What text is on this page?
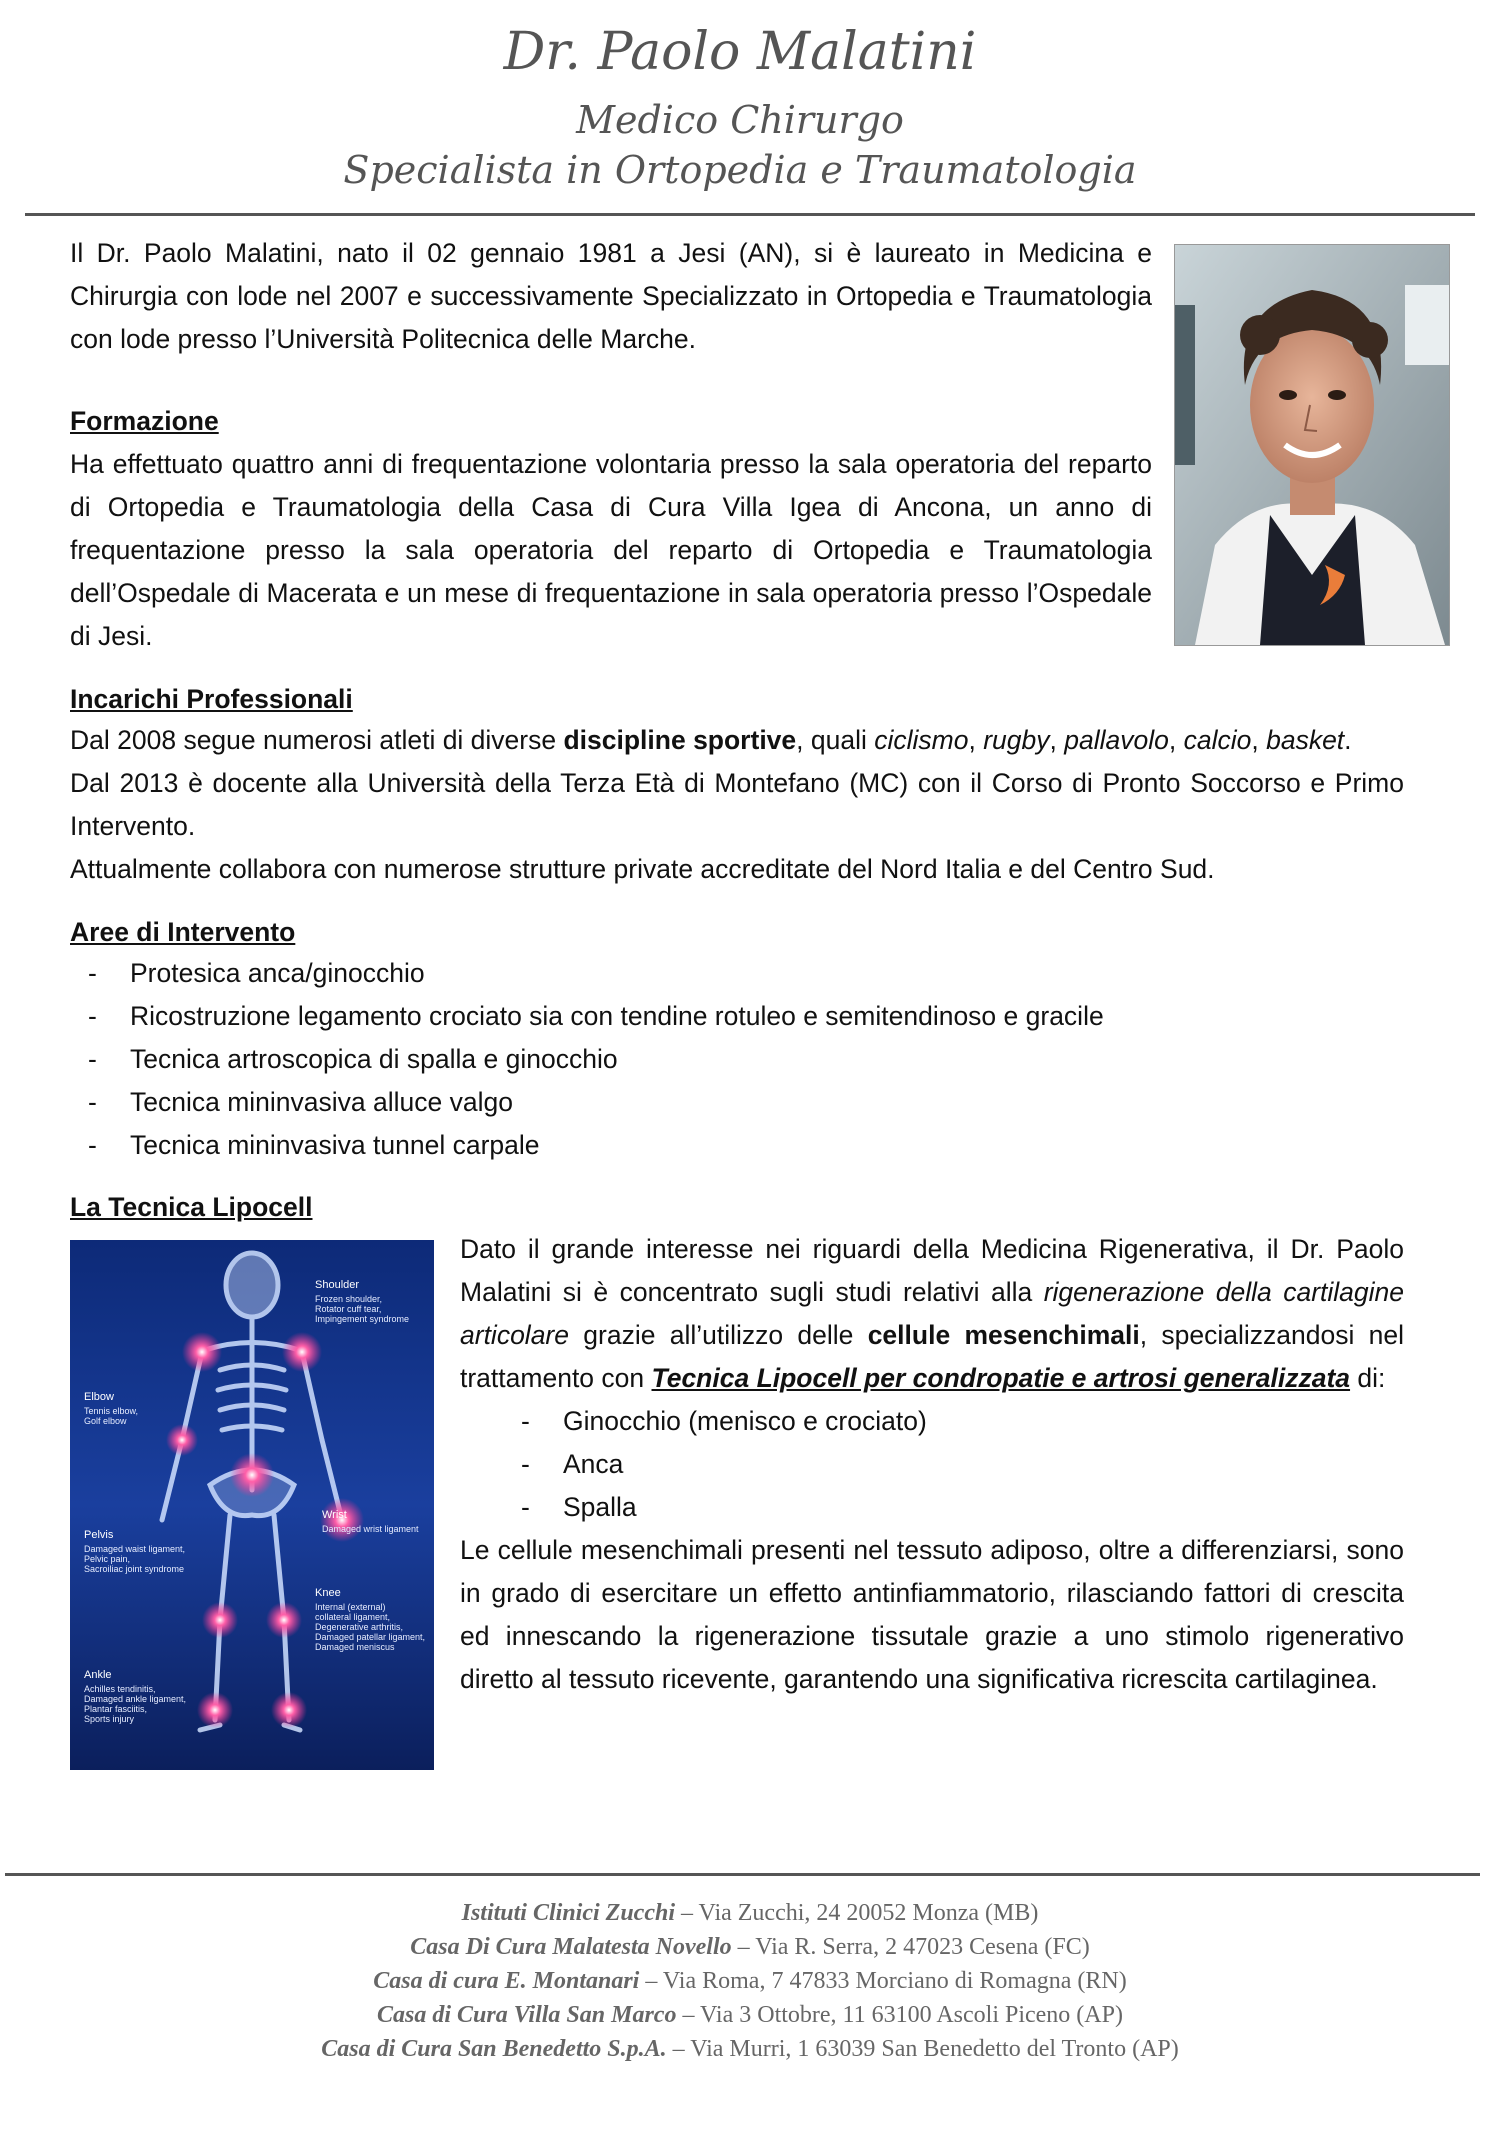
Dr. Paolo Malatini
Medico Chirurgo
Specialista in Ortopedia e Traumatologia

Il Dr. Paolo Malatini, nato il 02 gennaio 1981 a Jesi (AN), si è laureato in Medicina e Chirurgia con lode nel 2007 e successivamente Specializzato in Ortopedia e Traumatologia con lode presso l’Università Politecnica delle Marche.

Formazione

Ha effettuato quattro anni di frequentazione volontaria presso la sala operatoria del reparto di Ortopedia e Traumatologia della Casa di Cura Villa Igea di Ancona, un anno di frequentazione presso la sala operatoria del reparto di Ortopedia e Traumatologia dell’Ospedale di Macerata e un mese di frequentazione in sala operatoria presso l’Ospedale di Jesi.

Incarichi Professionali

Dal 2008 segue numerosi atleti di diverse discipline sportive, quali ciclismo, rugby, pallavolo, calcio, basket.

Dal 2013 è docente alla Università della Terza Età di Montefano (MC) con il Corso di Pronto Soccorso e Primo Intervento.

Attualmente collabora con numerose strutture private accreditate del Nord Italia e del Centro Sud.

Aree di Intervento
- Protesica anca/ginocchio
- Ricostruzione legamento crociato sia con tendine rotuleo e semitendinoso e gracile
- Tecnica artroscopica di spalla e ginocchio
- Tecnica mininvasiva alluce valgo
- Tecnica mininvasiva tunnel carpale
La Tecnica Lipocell
Shoulder
Frozen shoulder,
Rotator cuff tear,
Impingement syndrome
Elbow
Tennis elbow,
Golf elbow
Wrist
Damaged wrist ligament
Pelvis
Damaged waist ligament,
Pelvic pain,
Sacroiliac joint syndrome
Knee
Internal (external)
collateral ligament,
Degenerative arthritis,
Damaged patellar ligament,
Damaged meniscus
Ankle
Achilles tendinitis,
Damaged ankle ligament,
Plantar fasciitis,
Sports injury

Dato il grande interesse nei riguardi della Medicina Rigenerativa, il Dr. Paolo Malatini si è concentrato sugli studi relativi alla rigenerazione della cartilagine articolare grazie all’utilizzo delle cellule mesenchimali, specializzandosi nel trattamento con Tecnica Lipocell per condropatie e artrosi generalizzata di:

- Ginocchio (menisco e crociato)
- Anca
- Spalla

Le cellule mesenchimali presenti nel tessuto adiposo, oltre a differenziarsi, sono in grado di esercitare un effetto antinfiammatorio, rilasciando fattori di crescita ed innescando la rigenerazione tissutale grazie a uno stimolo rigenerativo diretto al tessuto ricevente, garantendo una significativa ricrescita cartilaginea.

Istituti Clinici Zucchi – Via Zucchi, 24 20052 Monza (MB)
Casa Di Cura Malatesta Novello – Via R. Serra, 2 47023 Cesena (FC)
Casa di cura E. Montanari – Via Roma, 7 47833 Morciano di Romagna (RN)
Casa di Cura Villa San Marco – Via 3 Ottobre, 11 63100 Ascoli Piceno (AP)
Casa di Cura San Benedetto S.p.A. – Via Murri, 1 63039 San Benedetto del Tronto (AP)
